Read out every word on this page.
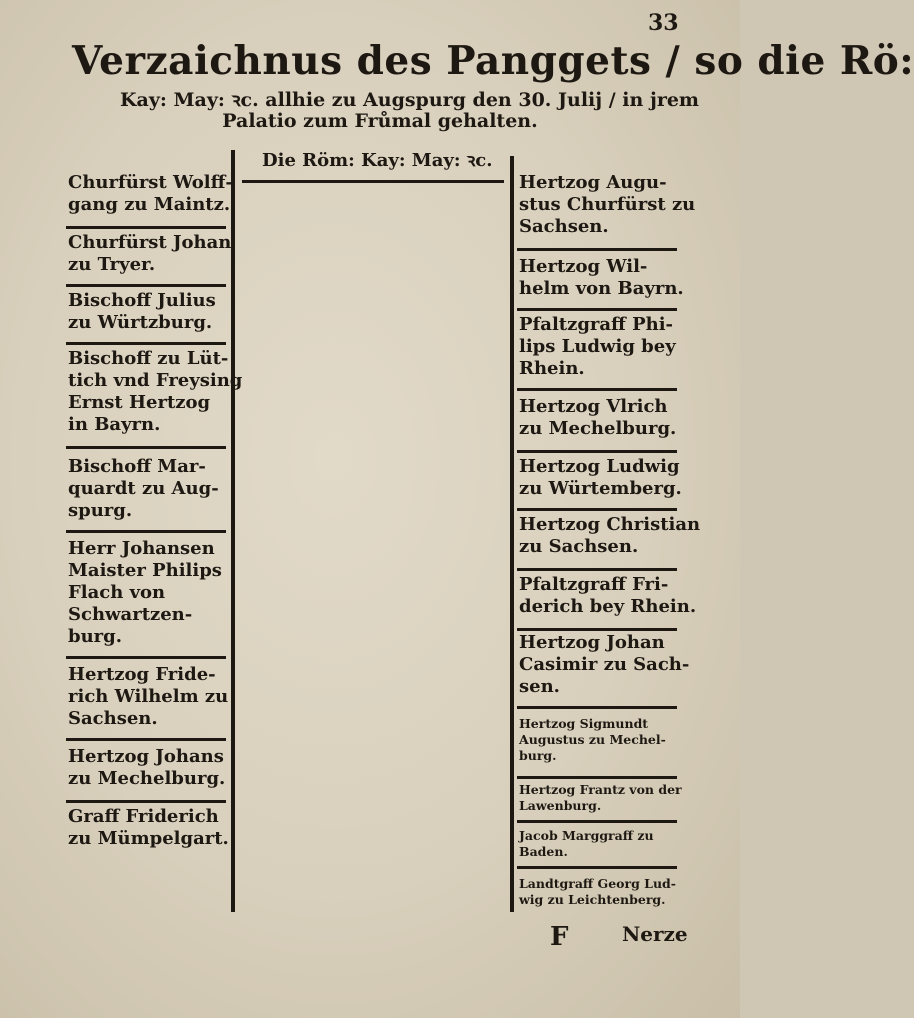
33
Verzaichnus des Panggets / so die Rö:
Kay: May: ꝛc. allhie zu Augspurg den 30. Julij / in jrem
Palatio zum Frůmal gehalten.
Die Röm: Kay: May: ꝛc.
Churfürst Wolff-
gang zu Maintz.
Churfürst Johan
zu Tryer.
Bischoff Julius
zu Würtzburg.
Bischoff zu Lüt-
tich vnd Freysing
Ernst Hertzog
in Bayrn.
Bischoff Mar-
quardt zu Aug-
spurg.
Herr Johansen
Maister Philips
Flach von
Schwartzen-
burg.
Hertzog Fride-
rich Wilhelm zu
Sachsen.
Hertzog Johans
zu Mechelburg.
Graff Friderich
zu Mümpelgart.
Hertzog Augu-
stus Churfürst zu
Sachsen.
Hertzog Wil-
helm von Bayrn.
Pfaltzgraff Phi-
lips Ludwig bey
Rhein.
Hertzog Vlrich
zu Mechelburg.
Hertzog Ludwig
zu Würtemberg.
Hertzog Christian
zu Sachsen.
Pfaltzgraff Fri-
derich bey Rhein.
Hertzog Johan
Casimir zu Sach-
sen.
Hertzog Sigmundt
Augustus zu Mechel-
burg.
Hertzog Frantz von der
Lawenburg.
Jacob Marggraff zu
Baden.
Landtgraff Georg Lud-
wig zu Leichtenberg.
F	Nerze
